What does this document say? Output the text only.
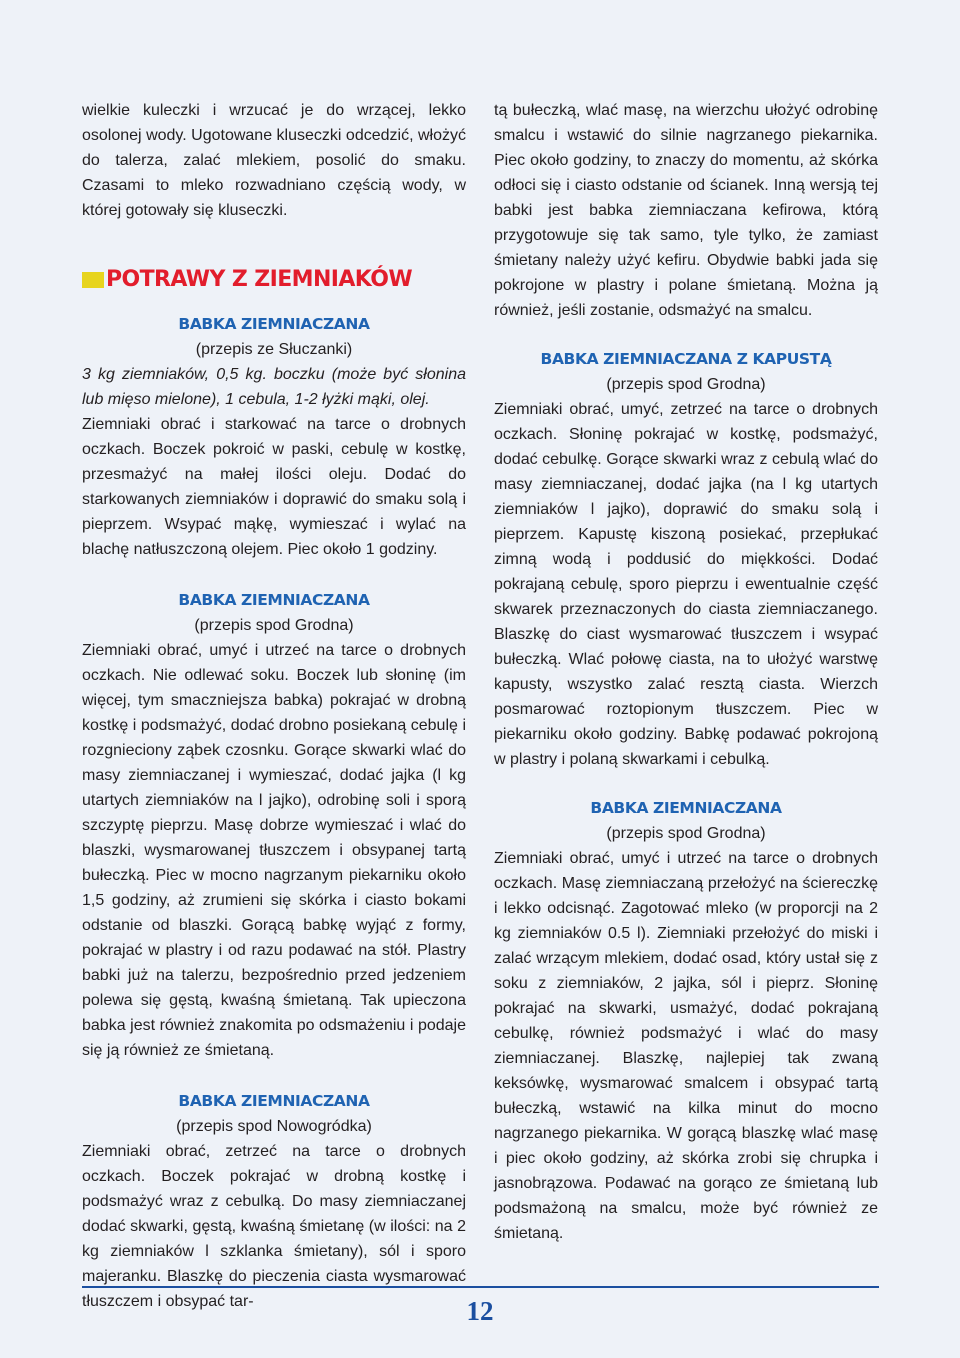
wielkie kuleczki i wrzucać je do wrzącej, lekko osolonej wody. Ugotowane kluseczki odcedzić, włożyć do talerza, zalać mlekiem, posolić do smaku. Czasami to mleko rozwadniano częścią wody, w której gotowały się kluseczki.

POTRAWY Z ZIEMNIAKÓW
BABKA ZIEMNIACZANA
(przepis ze Słuczanki)

3 kg ziemniaków, 0,5 kg. boczku (może być słonina lub mięso mielone), 1 cebula, 1-2 łyżki mąki, olej.

Ziemniaki obrać i starkować na tarce o drobnych oczkach. Boczek pokroić w paski, cebulę w kostkę, przesmażyć na małej ilości oleju. Dodać do starkowanych ziemniaków i doprawić do smaku solą i pieprzem. Wsypać mąkę, wymieszać i wylać na blachę natłuszczoną olejem. Piec około 1 godziny.

BABKA ZIEMNIACZANA
(przepis spod Grodna)

Ziemniaki obrać, umyć i utrzeć na tarce o drobnych oczkach. Nie odlewać soku. Boczek lub słoninę (im więcej, tym smaczniejsza babka) pokrajać w drobną kostkę i podsmażyć, dodać drobno posiekaną cebulę i rozgnieciony ząbek czosnku. Gorące skwarki wlać do masy ziemniaczanej i wymieszać, dodać jajka (l kg utartych ziemniaków na l jajko), odrobinę soli i sporą szczyptę pieprzu. Masę dobrze wymieszać i wlać do blaszki, wysmarowanej tłuszczem i obsypanej tartą bułeczką. Piec w mocno nagrzanym piekarniku około 1,5 godziny, aż zrumieni się skórka i ciasto bokami odstanie od blaszki. Gorącą babkę wyjąć z formy, pokrajać w plastry i od razu podawać na stół. Plastry babki już na talerzu, bezpośrednio przed jedzeniem polewa się gęstą, kwaśną śmietaną. Tak upieczona babka jest również znakomita po odsmażeniu i podaje się ją również ze śmietaną.

BABKA ZIEMNIACZANA
(przepis spod Nowogródka)

Ziemniaki obrać, zetrzeć na tarce o drobnych oczkach. Boczek pokrajać w drobną kostkę i podsmażyć wraz z cebulką. Do masy ziemniaczanej dodać skwarki, gęstą, kwaśną śmietanę (w ilości: na 2 kg ziemniaków l szklanka śmietany), sól i sporo majeranku. Blaszkę do pieczenia ciasta wysmarować tłuszczem i obsypać tar-

tą bułeczką, wlać masę, na wierzchu ułożyć odrobinę smalcu i wstawić do silnie nagrzanego piekarnika. Piec około godziny, to znaczy do momentu, aż skórka odłoci się i ciasto odstanie od ścianek. Inną wersją tej babki jest babka ziemniaczana kefirowa, którą przygotowuje się tak samo, tyle tylko, że zamiast śmietany należy użyć kefiru. Obydwie babki jada się pokrojone w plastry i polane śmietaną. Można ją również, jeśli zostanie, odsmażyć na smalcu.

BABKA ZIEMNIACZANA Z KAPUSTĄ
(przepis spod Grodna)

Ziemniaki obrać, umyć, zetrzeć na tarce o drobnych oczkach. Słoninę pokrajać w kostkę, podsmażyć, dodać cebulkę. Gorące skwarki wraz z cebulą wlać do masy ziemniaczanej, dodać jajka (na l kg utartych ziemniaków l jajko), doprawić do smaku solą i pieprzem. Kapustę kiszoną posiekać, przepłukać zimną wodą i poddusić do miękkości. Dodać pokrajaną cebulę, sporo pieprzu i ewentualnie część skwarek przeznaczonych do ciasta ziemniaczanego. Blaszkę do ciast wysmarować tłuszczem i wsypać bułeczką. Wlać połowę ciasta, na to ułożyć warstwę kapusty, wszystko zalać resztą ciasta. Wierzch posmarować roztopionym tłuszczem. Piec w piekarniku około godziny. Babkę podawać pokrojoną w plastry i polaną skwarkami i cebulką.

BABKA ZIEMNIACZANA
(przepis spod Grodna)

Ziemniaki obrać, umyć i utrzeć na tarce o drobnych oczkach. Masę ziemniaczaną przełożyć na ściereczkę i lekko odcisnąć. Zagotować mleko (w proporcji na 2 kg ziemniaków 0.5 l). Ziemniaki przełożyć do miski i zalać wrzącym mlekiem, dodać osad, który ustał się z soku z ziemniaków, 2 jajka, sól i pieprz. Słoninę pokrajać na skwarki, usmażyć, dodać pokrajaną cebulkę, również podsmażyć i wlać do masy ziemniaczanej. Blaszkę, najlepiej tak zwaną keksówkę, wysmarować smalcem i obsypać tartą bułeczką, wstawić na kilka minut do mocno nagrzanego piekarnika. W gorącą blaszkę wlać masę i piec około godziny, aż skórka zrobi się chrupka i jasnobrązowa. Podawać na gorąco ze śmietaną lub podsmażoną na smalcu, może być również ze śmietaną.

12
